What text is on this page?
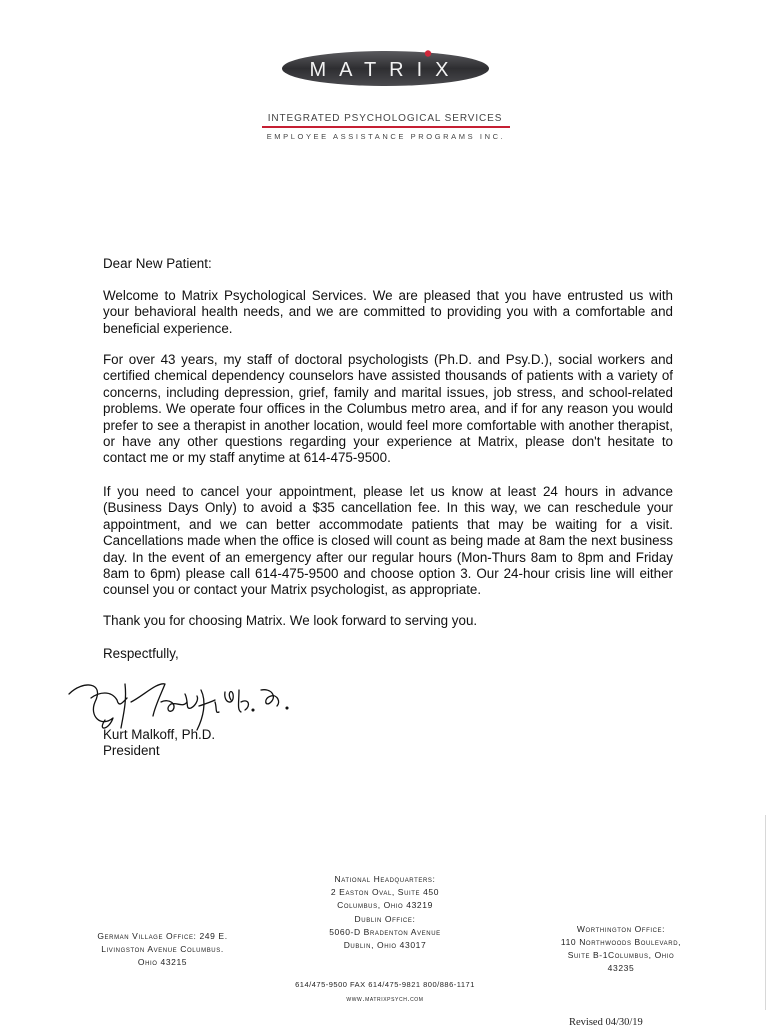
MATRIX
INTEGRATED PSYCHOLOGICAL SERVICES
EMPLOYEE ASSISTANCE PROGRAMS INC.
Dear New Patient:
Welcome to Matrix Psychological Services. We are pleased that you have entrusted us with your behavioral health needs, and we are committed to providing you with a comfortable and beneficial experience.
For over 43 years, my staff of doctoral psychologists (Ph.D. and Psy.D.), social workers and certified chemical dependency counselors have assisted thousands of patients with a variety of concerns, including depression, grief, family and marital issues, job stress, and school-related problems. We operate four offices in the Columbus metro area, and if for any reason you would prefer to see a therapist in another location, would feel more comfortable with another therapist, or have any other questions regarding your experience at Matrix, please don't hesitate to contact me or my staff anytime at 614-475-9500.
If you need to cancel your appointment, please let us know at least 24 hours in advance (Business Days Only) to avoid a $35 cancellation fee. In this way, we can reschedule your appointment, and we can better accommodate patients that may be waiting for a visit. Cancellations made when the office is closed will count as being made at 8am the next business day. In the event of an emergency after our regular hours (Mon-Thurs 8am to 8pm and Friday 8am to 6pm) please call 614-475-9500 and choose option 3. Our 24-hour crisis line will either counsel you or contact your Matrix psychologist, as appropriate.
Thank you for choosing Matrix. We look forward to serving you.
Respectfully,
Kurt Malkoff, Ph.D.
President
National Headquarters:
2 Easton Oval, Suite 450
Columbus, Ohio 43219
Dublin Office:
5060-D Bradenton Avenue
Dublin, Ohio 43017
German Village Office: 249 E.
Livingston Avenue Columbus.
Ohio 43215
Worthington Office:
110 Northwoods Boulevard,
Suite B-1Columbus, Ohio
43235
614/475-9500 FAX 614/475-9821 800/886-1171
www.matrixpsych.com
Revised 04/30/19
